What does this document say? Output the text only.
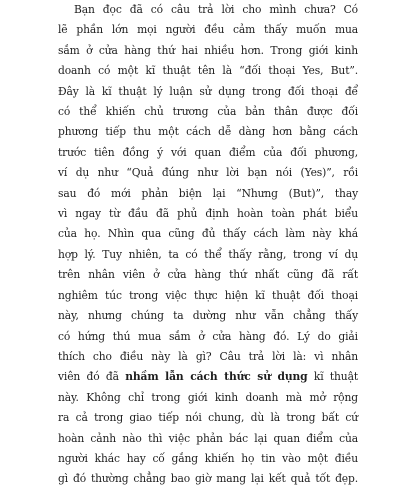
Bạn đọc đã có câu trả lời cho mình chưa? Có
lẽ phần lớn mọi người đều cảm thấy muốn mua
sắm ở cửa hàng thứ hai nhiều hơn. Trong giới kinh
doanh có một kĩ thuật tên là “đối thoại Yes, But”.
Đây là kĩ thuật lý luận sử dụng trong đối thoại để
có thể khiến chủ trương của bản thân được đối
phương tiếp thu một cách dễ dàng hơn bằng cách
trước tiên đồng ý với quan điểm của đối phương,
ví dụ như “Quả đúng như lời bạn nói (Yes)”, rồi
sau đó mới phản biện lại “Nhưng (But)”, thay
vì ngay từ đầu đã phủ định hoàn toàn phát biểu
của họ. Nhìn qua cũng đủ thấy cách làm này khá
hợp lý. Tuy nhiên, ta có thể thấy rằng, trong ví dụ
trên nhân viên ở cửa hàng thứ nhất cũng đã rất
nghiêm túc trong việc thực hiện kĩ thuật đối thoại
này, nhưng chúng ta dường như vẫn chẳng thấy
có hứng thú mua sắm ở cửa hàng đó. Lý do giải
thích cho điều này là gì? Câu trả lời là: vì nhân
viên đó đã nhầm lẫn cách thức sử dụng kĩ thuật
này. Không chỉ trong giới kinh doanh mà mở rộng
ra cả trong giao tiếp nói chung, dù là trong bất cứ
hoàn cảnh nào thì việc phản bác lại quan điểm của
người khác hay cố gắng khiến họ tin vào một điều
gì đó thường chẳng bao giờ mang lại kết quả tốt đẹp.
